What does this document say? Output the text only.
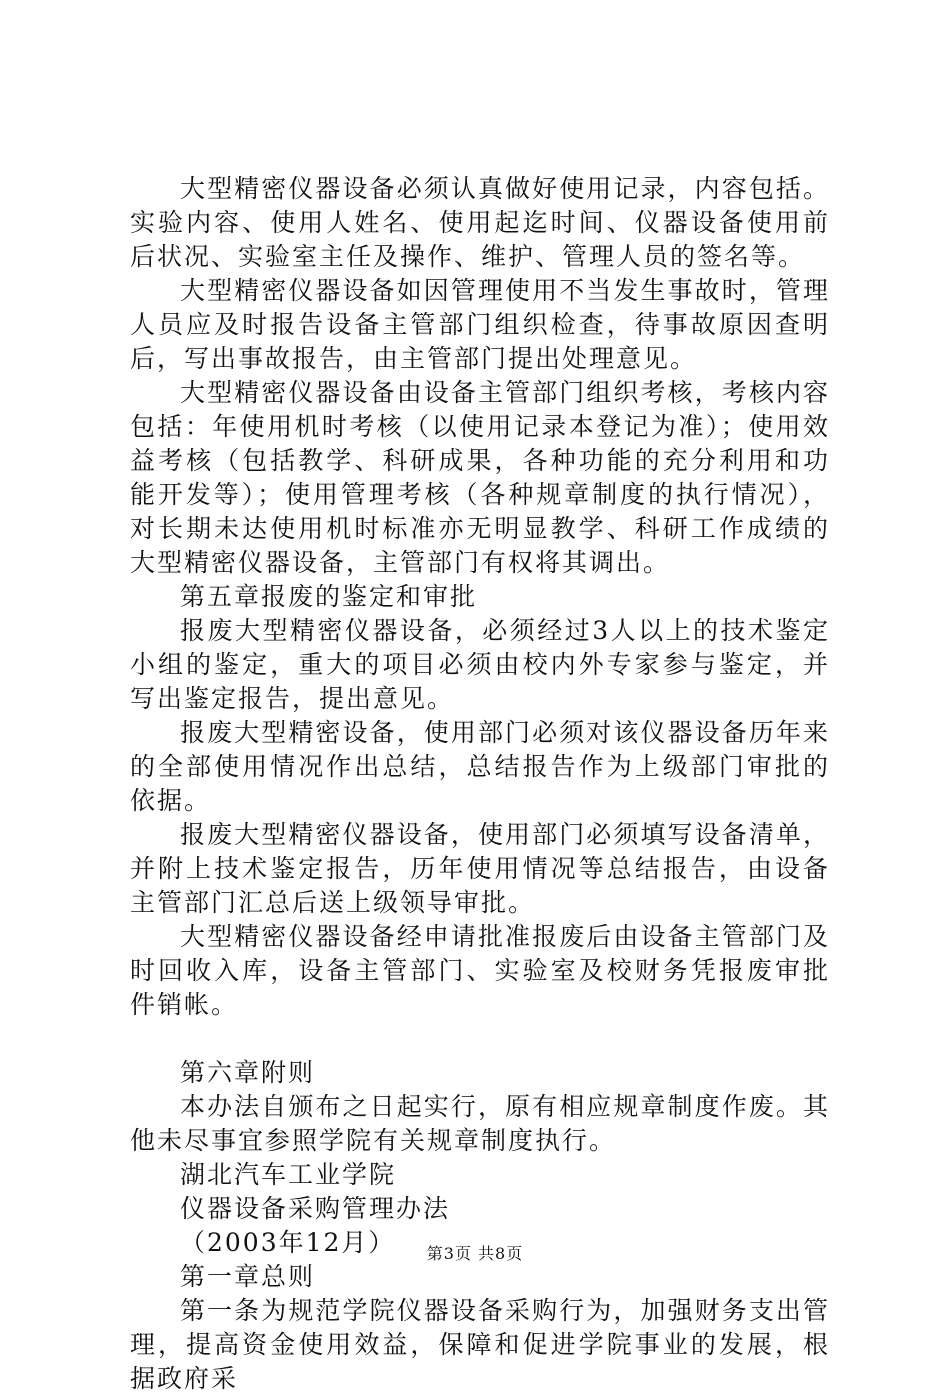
大型精密仪器设备必须认真做好使用记录，内容包括。实验内容、使用人姓名、使用起迄时间、仪器设备使用前后状况、实验室主任及操作、维护、管理人员的签名等。

大型精密仪器设备如因管理使用不当发生事故时，管理人员应及时报告设备主管部门组织检查，待事故原因查明后，写出事故报告，由主管部门提出处理意见。

大型精密仪器设备由设备主管部门组织考核，考核内容包括：年使用机时考核（以使用记录本登记为准）；使用效益考核（包括教学、科研成果，各种功能的充分利用和功能开发等）；使用管理考核（各种规章制度的执行情况），对长期未达使用机时标准亦无明显教学、科研工作成绩的大型精密仪器设备，主管部门有权将其调出。

第五章报废的鉴定和审批

报废大型精密仪器设备，必须经过3人以上的技术鉴定小组的鉴定，重大的项目必须由校内外专家参与鉴定，并写出鉴定报告，提出意见。

报废大型精密设备，使用部门必须对该仪器设备历年来的全部使用情况作出总结，总结报告作为上级部门审批的依据。

报废大型精密仪器设备，使用部门必须填写设备清单，并附上技术鉴定报告，历年使用情况等总结报告，由设备主管部门汇总后送上级领导审批。

大型精密仪器设备经申请批准报废后由设备主管部门及时回收入库，设备主管部门、实验室及校财务凭报废审批件销帐。

第六章附则

本办法自颁布之日起实行，原有相应规章制度作废。其他未尽事宜参照学院有关规章制度执行。

湖北汽车工业学院

仪器设备采购管理办法

（2003年12月）

第一章总则

第一条为规范学院仪器设备采购行为，加强财务支出管理，提高资金使用效益，保障和促进学院事业的发展，根据政府采

第3页 共8页
